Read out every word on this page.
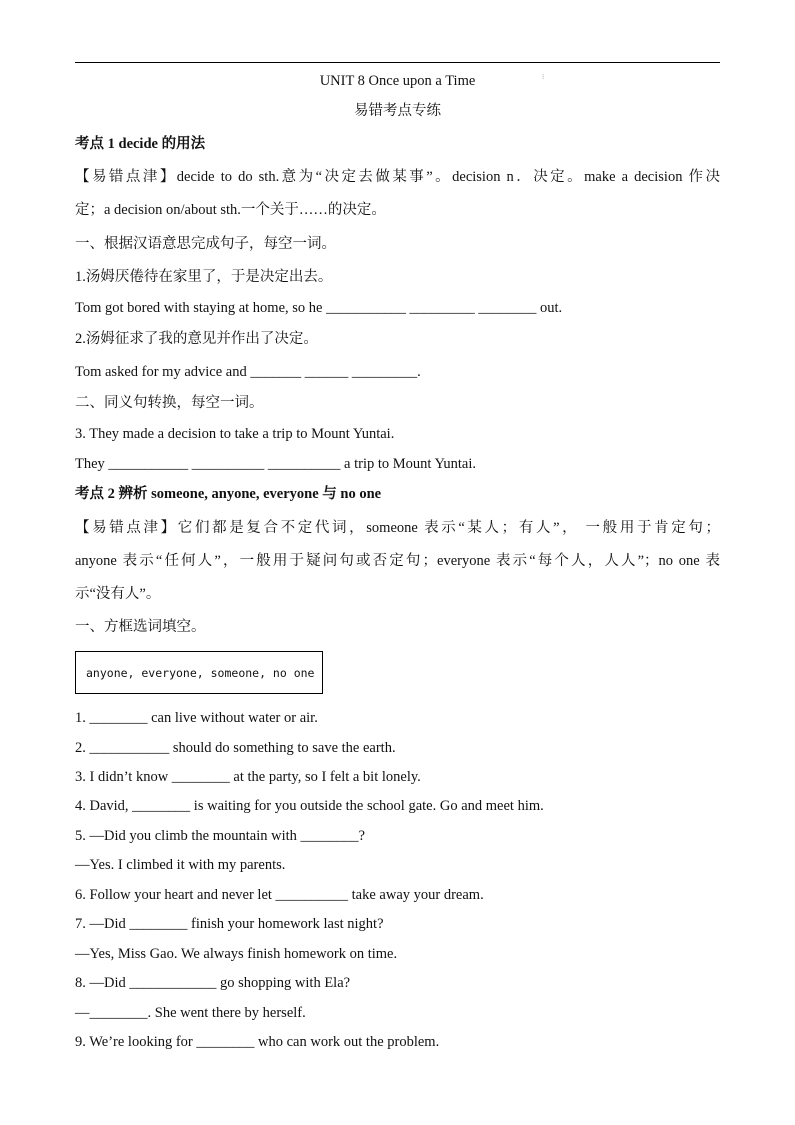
⁝
UNIT 8 Once upon a Time
易错考点专练
考点 1 decide 的用法
【易错点津】decide to do sth.意为“决定去做某事”。decision n．决定。make a decision 作决
定；a decision on/about sth.一个关于……的决定。
一、根据汉语意思完成句子，每空一词。
1.汤姆厌倦待在家里了，于是决定出去。
Tom got bored with staying at home, so he ___________ _________ ________ out.
2.汤姆征求了我的意见并作出了决定。
Tom asked for my advice and _______ ______ _________.
二、同义句转换，每空一词。
3. They made a decision to take a trip to Mount Yuntai.
They ___________ __________ __________ a trip to Mount Yuntai.
考点 2 辨析 someone, anyone, everyone 与 no one
【易错点津】它们都是复合不定代词，someone 表示“某人；有人”， 一般用于肯定句；
anyone 表示“任何人”，一般用于疑问句或否定句；everyone 表示“每个人，人人”；no one 表
示“没有人”。
一、方框选词填空。
anyone, everyone, someone, no one
1. ________ can live without water or air.
2. ___________ should do something to save the earth.
3. I didn’t know ________ at the party, so I felt a bit lonely.
4. David, ________ is waiting for you outside the school gate. Go and meet him.
5. —Did you climb the mountain with ________?
—Yes. I climbed it with my parents.
6. Follow your heart and never let __________ take away your dream.
7. —Did ________ finish your homework last night?
—Yes, Miss Gao. We always finish homework on time.
8. —Did ____________ go shopping with Ela?
—________. She went there by herself.
9. We’re looking for ________ who can work out the problem.
